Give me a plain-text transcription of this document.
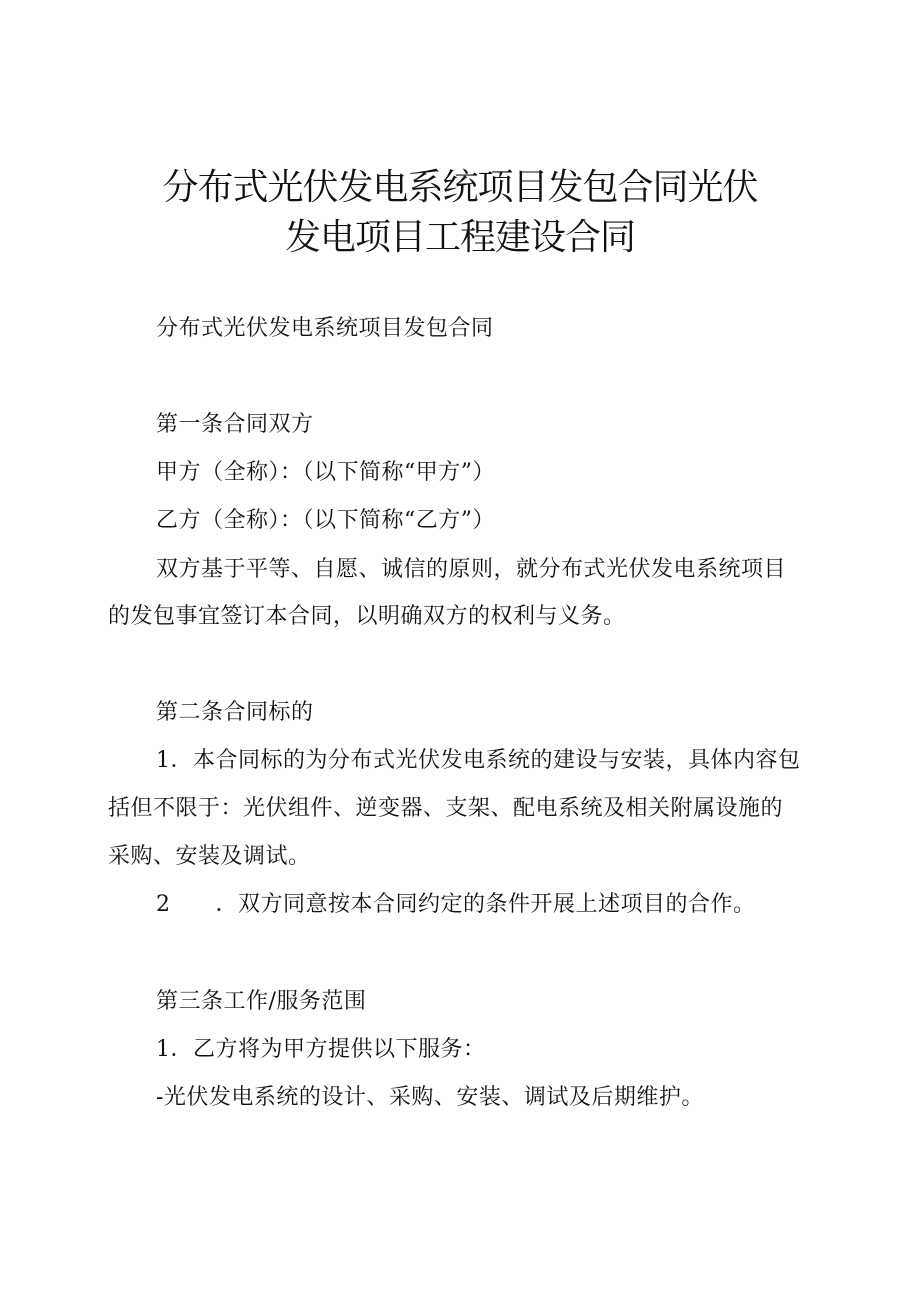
分布式光伏发电系统项目发包合同光伏
发电项目工程建设合同

分布式光伏发电系统项目发包合同

第一条合同双方

甲方（全称）：（以下简称“甲方”）

乙方（全称）：（以下简称“乙方”）

双方基于平等、自愿、诚信的原则，就分布式光伏发电系统项目

的发包事宜签订本合同，以明确双方的权利与义务。

第二条合同标的

1．本合同标的为分布式光伏发电系统的建设与安装，具体内容包

括但不限于：光伏组件、逆变器、支架、配电系统及相关附属设施的

采购、安装及调试。

2　　．双方同意按本合同约定的条件开展上述项目的合作。

第三条工作/服务范围

1．乙方将为甲方提供以下服务：

-光伏发电系统的设计、采购、安装、调试及后期维护。
